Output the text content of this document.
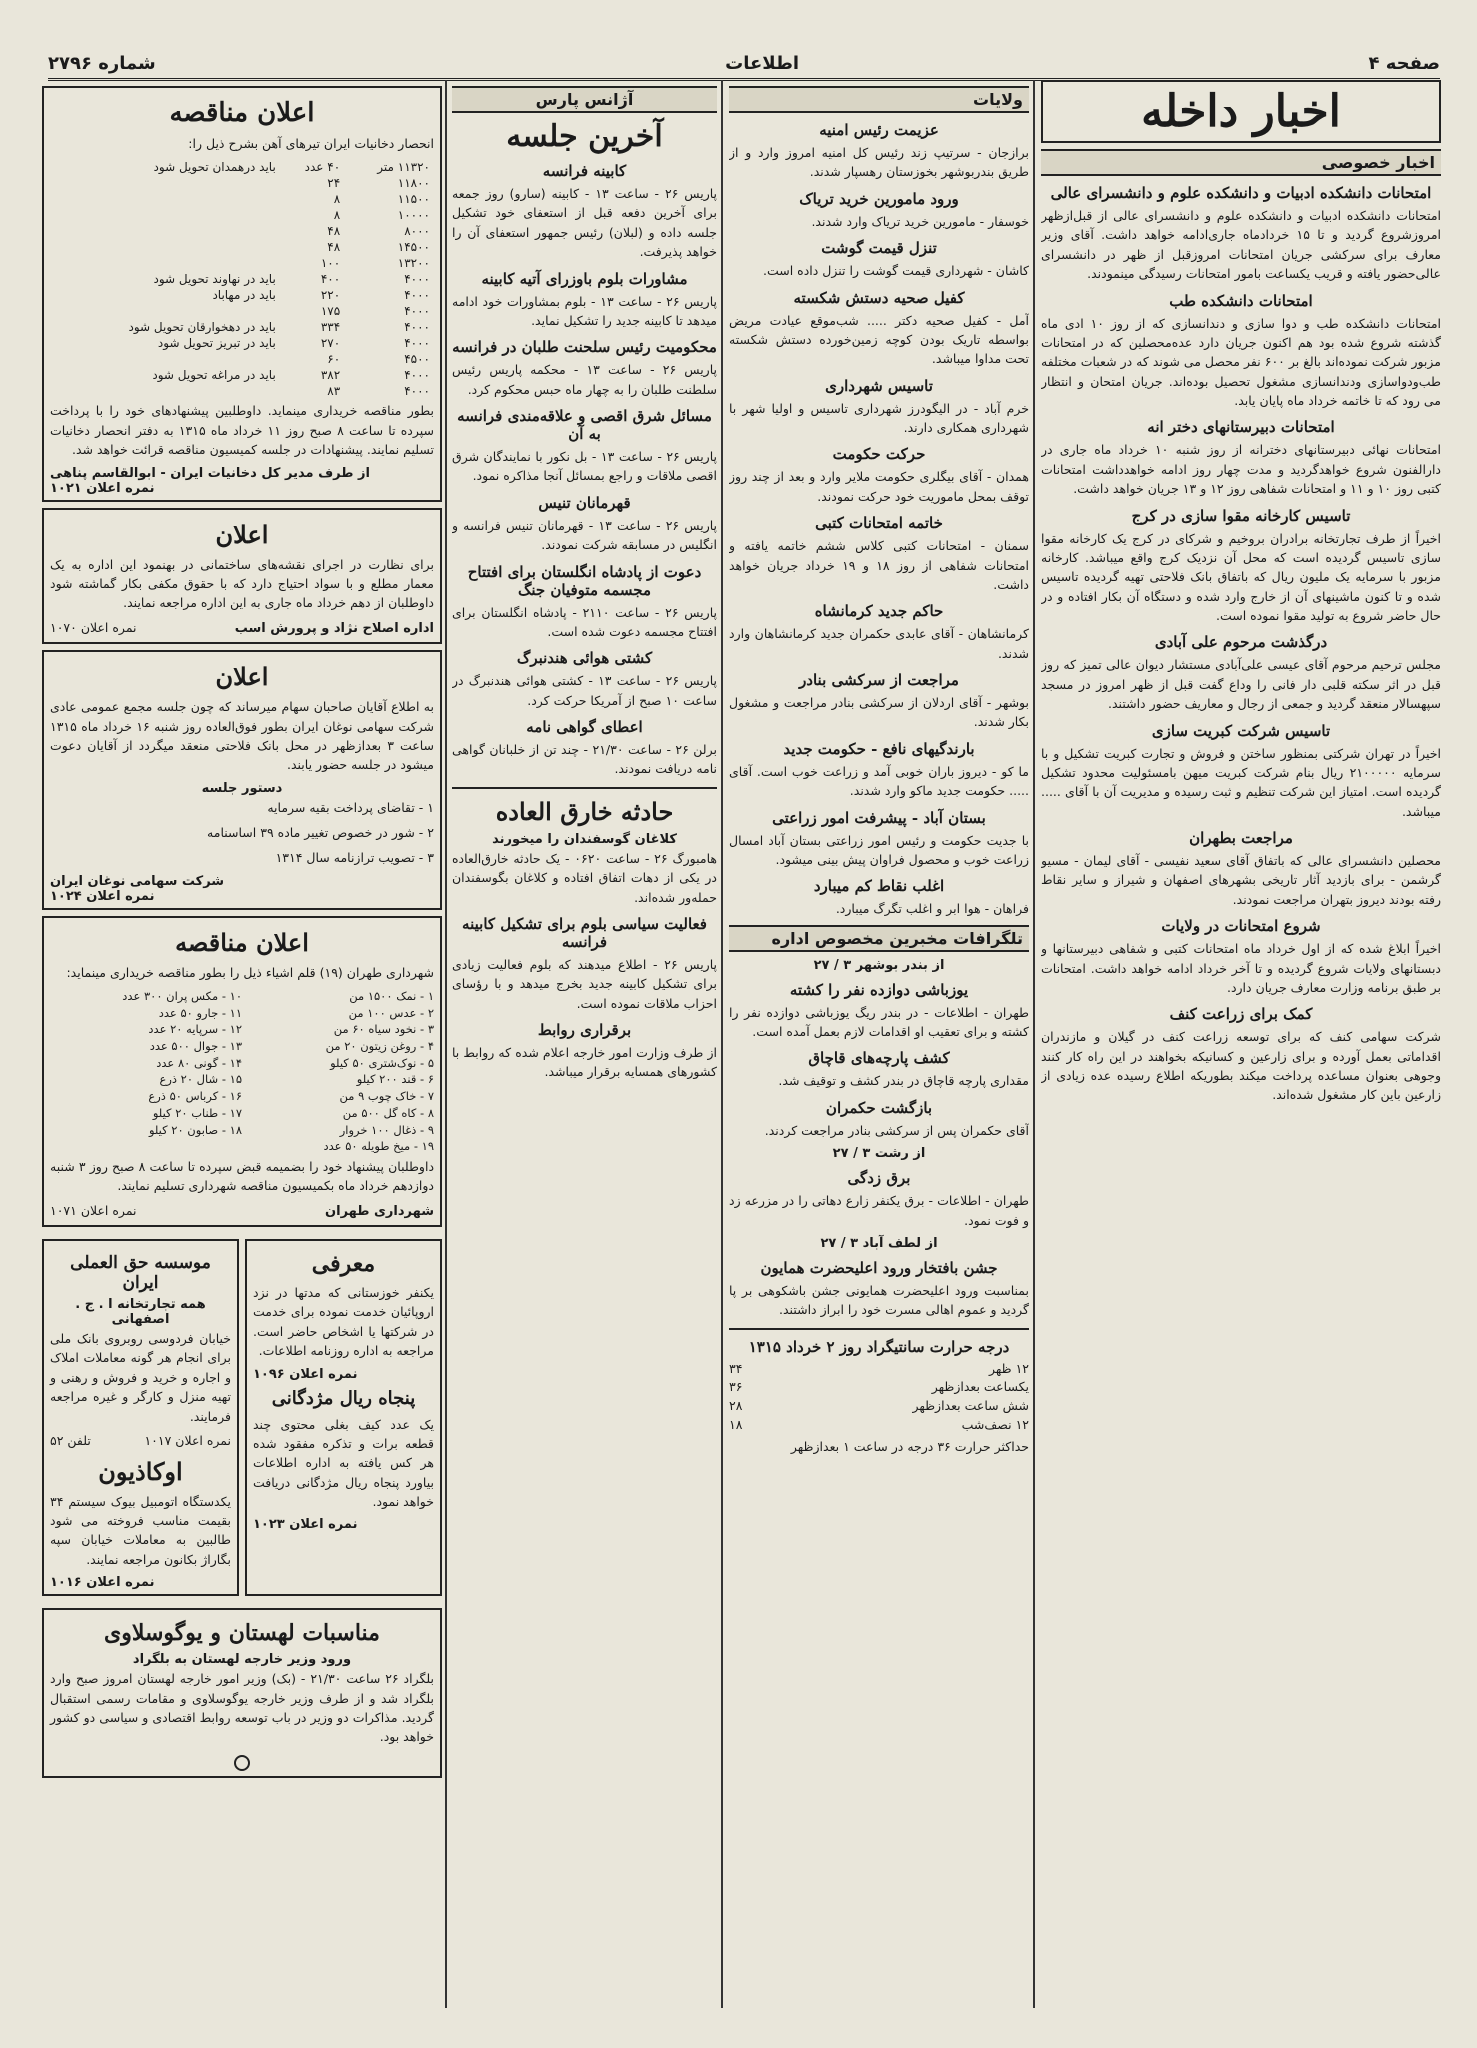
صفحه ۴
اطلاعات
شماره ۲۷۹۶
اخبار داخله
اخبار خصوصی
امتحانات دانشکده ادبیات و دانشکده علوم و دانشسرای عالی

امتحانات دانشکده ادبیات و دانشکده علوم و دانشسرای عالی از قبل‌ازظهر امروزشروع گردید و تا ۱۵ خردادماه جاری‌ادامه‌ خواهد داشت. آقای وزیر معارف برای سرکشی جریان امتحانات امروزقبل از ظهر در دانشسرای عالی‌حضور یافته و قریب یکساعت بامور امتحانات رسیدگی مینمودند.

امتحانات دانشکده طب

امتحانات دانشکده طب و دوا سازی و دندانسازی که از روز ۱۰ ادی ماه گذشته شروع شده بود هم اکنون جریان دارد عده‌محصلین که در امتحانات مزبور شرکت نموده‌اند بالغ بر ۶۰۰ نفر محصل می شوند که در شعبات مختلفه طب‌ودواسازی ودندانسازی مشغول تحصیل بوده‌اند. جریان امتحان و انتظار می رود که تا خاتمه‌ خرداد ماه پایان یابد.

امتحانات دبیرستانهای دختر انه

امتحانات نهائی دبیرستانهای دخترانه از روز شنبه ۱۰ خرداد ماه جاری در دارالفنون شروع خواهدگردید و مدت چهار روز ادامه خواهدداشت امتحانات کتبی روز ۱۰ و ۱۱ و امتحانات شفاهی روز ۱۲ و ۱۳ جریان خواهد داشت.

تاسیس کارخانه مقوا سازی در کرج

اخیراً از طرف تجارتخانه برادران بروخیم و شرکای در کرج یک کارخانه مقوا سازی تاسیس گردیده است که محل آن نزدیک کرج واقع میباشد. کارخانه مزبور با سرمایه یک ملیون ریال که باتفاق بانک فلاحتی تهیه گردیده تاسیس شده و تا کنون ماشینهای آن از خارج وارد شده و دستگاه آن بکار افتاده و در حال حاضر شروع به تولید مقوا نموده است.

درگذشت مرحوم علی آبادی

مجلس ترحیم مرحوم آقای عیسی علی‌آبادی مستشار دیوان عالی تمیز که روز قبل در اثر سکته قلبی دار فانی را وداع گفت قبل از ظهر امروز در مسجد سپهسالار منعقد گردید و جمعی از رجال و معاریف حضور داشتند.

تاسیس شرکت کبریت سازی

اخیراً در تهران شرکتی بمنظور ساختن و فروش و تجارت کبریت تشکیل و با سرمایه ۲۱۰۰۰۰۰ ریال بنام شرکت کبریت میهن بامسئولیت محدود تشکیل گردیده است. امتیاز این شرکت تنظیم و ثبت رسیده و مدیریت آن با آقای ..... میباشد.

مراجعت بطهران

محصلین دانشسرای عالی که باتفاق آقای سعید نفیسی - آقای لیمان - مسیو گرشمن - برای بازدید آثار تاریخی بشهرهای اصفهان و شیراز و سایر نقاط رفته بودند دیروز بتهران مراجعت نمودند.

شروع امتحانات در ولایات

اخیراً ابلاغ شده که از اول خرداد ماه امتحانات کتبی و شفاهی دبیرستانها و دبستانهای ولایات شروع گردیده و تا آخر خرداد ادامه خواهد داشت. امتحانات بر طبق برنامه وزارت معارف جریان دارد.

کمک برای زراعت کنف

شرکت سهامی کنف که برای توسعه زراعت کنف در گیلان و مازندران اقداماتی بعمل آورده و برای زارعین و کسانیکه بخواهند در این راه کار کنند وجوهی بعنوان مساعده پرداخت میکند بطوریکه اطلاع رسیده عده زیادی از زارعین باین کار مشغول شده‌اند.

ولایات
عزیمت رئیس امنیه

برازجان - سرتیپ زند رئیس کل امنیه امروز وارد و از طریق بندربوشهر بخوزستان رهسپار شدند.

ورود مامورین خرید تریاک

خوسفار - مامورین خرید تریاک وارد شدند.

تنزل قیمت گوشت

کاشان - شهرداری قیمت گوشت را تنزل داده است.

کفیل صحیه دستش شکسته

آمل - کفیل صحیه دکتر ..... شب‌موقع عیادت مریض بواسطه تاریک بودن کوچه زمین‌خورده دستش شکسته تحت مداوا میباشد.

تاسیس شهرداری

خرم آباد - در الیگودرز شهرداری تاسیس و اولیا شهر با شهرداری همکاری دارند.

حرکت حکومت

همدان - آقای بیگلری حکومت ملایر وارد و بعد از چند روز توقف بمحل ماموریت خود حرکت نمودند.

خاتمه امتحانات کتبی

سمنان - امتحانات کتبی کلاس ششم خاتمه یافته و امتحانات شفاهی از روز ۱۸ و ۱۹ خرداد جریان خواهد داشت.

حاکم جدید کرمانشاه

کرمانشاهان - آقای عابدی حکمران جدید کرمانشاهان وارد شدند.

مراجعت از سرکشی بنادر

بوشهر - آقای اردلان از سرکشی بنادر مراجعت و مشغول بکار شدند.

بارندگیهای نافع - حکومت جدید

ما کو - دیروز باران خوبی آمد و زراعت خوب است. آقای ..... حکومت جدید ماکو وارد شدند.

بستان آباد - پیشرفت امور زراعتی

با جدیت حکومت و رئیس امور زراعتی بستان آباد امسال زراعت خوب و محصول فراوان پیش بینی میشود.

اغلب نقاط کم میبارد

فراهان - هوا ابر و اغلب تگرگ میبارد.

تلگرافات مخبرین مخصوص اداره
از بندر بوشهر ۳ / ۲۷
یوزباشی دوازده نفر را کشته

طهران - اطلاعات - در بندر ریگ یوزباشی دوازده نفر را کشته و برای تعقیب او اقدامات لازم بعمل آمده است.

کشف پارچه‌های قاچاق

مقداری پارچه قاچاق در بندر کشف و توقیف شد.

بازگشت حکمران

آقای حکمران پس از سرکشی بنادر مراجعت کردند.

از رشت ۳ / ۲۷
برق زدگی

طهران - اطلاعات - برق یکنفر زارع دهاتی را در مزرعه زد و فوت نمود.

از لطف آباد ۳ / ۲۷
جشن بافتخار ورود اعلیحضرت همایون

بمناسبت ورود اعلیحضرت همایونی جشن باشکوهی بر پا گردید و عموم اهالی مسرت خود را ابراز داشتند.

درجه حرارت سانتیگراد روز ۲ خرداد ۱۳۱۵
۱۲ ظهر
۳۴
یکساعت بعدازظهر
۳۶
شش ساعت بعدازظهر
۲۸
۱۲ نصف‌شب
۱۸

حداکثر حرارت ۳۶ درجه در ساعت ۱ بعدازظهر

آژانس پارس
آخرین جلسه
کابینه فرانسه

پاریس ۲۶ - ساعت ۱۳ - کابینه (سارو) روز جمعه برای آخرین دفعه قبل از استعفای خود تشکیل جلسه داده و (لبلان) رئیس جمهور استعفای آن را خواهد پذیرفت.

مشاورات بلوم باوزرای آتیه کابینه

پاریس ۲۶ - ساعت ۱۳ - بلوم بمشاورات خود ادامه میدهد تا کابینه جدید را تشکیل نماید.

محکومیت رئیس سلحنت طلبان در فرانسه

پاریس ۲۶ - ساعت ۱۳ - محکمه پاریس رئیس سلطنت طلبان را به چهار ماه حبس محکوم کرد.

مسائل شرق اقصی و علاقه‌مندی فرانسه به آن

پاریس ۲۶ - ساعت ۱۳ - بل نکور با نمایندگان شرق اقصی ملاقات و راجع بمسائل آنجا مذاکره نمود.

قهرمانان تنیس

پاریس ۲۶ - ساعت ۱۳ - قهرمانان تنیس فرانسه و انگلیس در مسابقه شرکت نمودند.

دعوت از پادشاه انگلستان برای افتتاح مجسمه متوفیان جنگ

پاریس ۲۶ - ساعت ۲۱۱۰ - پادشاه انگلستان برای افتتاح مجسمه دعوت شده است.

کشتی هوائی هندنبرگ

پاریس ۲۶ - ساعت ۱۳ - کشتی هوائی هندنبرگ در ساعت ۱۰ صبح از آمریکا حرکت کرد.

اعطای گواهی نامه

برلن ۲۶ - ساعت ۲۱/۳۰ - چند تن از خلبانان گواهی نامه دریافت نمودند.

حادثه خارق العاده
کلاغان گوسفندان را میخورند

هامبورگ ۲۶ - ساعت ۰۶۲۰ - یک حادثه خارق‌العاده در یکی از دهات اتفاق افتاده و کلاغان بگوسفندان حمله‌ور شده‌اند.

فعالیت سیاسی بلوم برای تشکیل کابینه فرانسه

پاریس ۲۶ - اطلاع میدهند که بلوم فعالیت زیادی برای تشکیل کابینه جدید بخرج میدهد و با رؤسای احزاب ملاقات نموده است.

برقراری روابط

از طرف وزارت امور خارجه اعلام شده که روابط با کشورهای همسایه برقرار میباشد.

اعلان مناقصه

انحصار دخانیات ایران تیرهای آهن بشرح ذیل را:

۱۱۳۲۰ متر	۴۰ عدد	باید درهمدان تحویل شود
۱۱۸۰۰	۲۴	
۱۱۵۰۰	۸	
۱۰۰۰۰	۸	
۸۰۰۰	۴۸	
۱۴۵۰۰	۴۸	
۱۳۲۰۰	۱۰۰	
۴۰۰۰	۴۰۰	باید در نهاوند تحویل شود
۴۰۰۰	۲۲۰	باید در مهاباد
۴۰۰۰	۱۷۵	
۴۰۰۰	۳۳۴	باید در دهخوارقان تحویل شود
۴۰۰۰	۲۷۰	باید در تبریز تحویل شود
۴۵۰۰	۶۰	
۴۰۰۰	۳۸۲	باید در مراغه تحویل شود
۴۰۰۰	۸۳	

بطور مناقصه خریداری مینماید. داوطلبین پیشنهادهای خود را با پرداخت سپرده تا ساعت ۸ صبح روز ۱۱ خرداد ماه ۱۳۱۵ به دفتر انحصار دخانیات تسلیم نمایند. پیشنهادات در جلسه کمیسیون مناقصه قرائت خواهد شد.

از طرف مدیر کل دخانیات ایران - ابوالقاسم پناهی
نمره اعلان ۱۰۲۱
اعلان

برای نظارت در اجرای نقشه‌های ساختمانی در بهنمود این اداره به یک معمار مطلع و با سواد احتیاج دارد که با حقوق مکفی بکار گماشته شود داوطلبان از دهم خرداد ماه جاری به این اداره مراجعه نمایند.

اداره اصلاح نژاد و پرورش اسب
نمره اعلان ۱۰۷۰
اعلان

به اطلاع آقایان صاحبان سهام میرساند که چون جلسه مجمع عمومی عادی شرکت سهامی نوغان ایران بطور فوق‌العاده روز شنبه ۱۶ خرداد ماه ۱۳۱۵ ساعت ۳ بعدازظهر در محل بانک فلاحتی منعقد میگردد از آقایان دعوت میشود در جلسه حضور یابند.

دستور جلسه

۱ - تقاضای پرداخت بقیه سرمایه

۲ - شور در خصوص تغییر ماده ۳۹ اساسنامه

۳ - تصویب ترازنامه سال ۱۳۱۴

شرکت سهامی نوغان ایران
نمره اعلان ۱۰۲۴
اعلان مناقصه

شهرداری طهران (۱۹) قلم اشیاء ذیل را بطور مناقصه خریداری مینماید:

۱ - نمک ۱۵۰۰ من
۱۰ - مکس پران ۳۰۰ عدد
۲ - عدس ۱۰۰ من
۱۱ - جارو ۵۰ عدد
۳ - نخود سیاه ۶۰ من
۱۲ - سرپایه ۲۰ عدد
۴ - روغن زیتون ۲۰ من
۱۳ - جوال ۵۰۰ عدد
۵ - نوک‌شتری ۵۰ کیلو
۱۴ - گونی ۸۰ عدد
۶ - قند ۲۰۰ کیلو
۱۵ - شال ۲۰ ذرع
۷ - خاک چوب ۹ من
۱۶ - کرباس ۵۰ ذرع
۸ - کاه گل ۵۰۰ من
۱۷ - طناب ۲۰ کیلو
۹ - ذغال ۱۰۰ خروار
۱۸ - صابون ۲۰ کیلو
۱۹ - میخ طویله ۵۰ عدد

داوطلبان پیشنهاد خود را بضمیمه قبض سپرده تا ساعت ۸ صبح روز ۳ شنبه دوازدهم خرداد ماه بکمیسیون مناقصه شهرداری تسلیم نمایند.

شهرداری طهران
نمره اعلان ۱۰۷۱
معرفی

یکنفر خوزستانی که مدتها در نزد اروپائیان خدمت نموده برای خدمت در شرکتها یا اشخاص حاضر است. مراجعه به اداره روزنامه اطلاعات.

نمره اعلان ۱۰۹۶
پنجاه ریال مژدگانی

یک عدد کیف بغلی محتوی چند قطعه برات و تذکره مفقود شده هر کس یافته به اداره اطلاعات بیاورد پنجاه ریال مژدگانی دریافت خواهد نمود.

نمره اعلان ۱۰۲۳
موسسه حق العملی ایران
همه تجارتخانه ا . ج . اصفهانی

خیابان فردوسی روبروی بانک ملی برای انجام هر گونه معاملات املاک و اجاره و خرید و فروش و رهنی و تهیه منزل و کارگر و غیره مراجعه فرمایند.

نمره اعلان ۱۰۱۷
تلفن ۵۲
اوکاذیون

یکدستگاه اتومبیل بیوک سیستم ۳۴ بقیمت مناسب فروخته می شود طالبین به معاملات خیابان سپه بگاراژ بکانون مراجعه نمایند.

نمره اعلان ۱۰۱۶
مناسبات لهستان و یوگوسلاوی
ورود وزیر خارجه لهستان به بلگراد

بلگراد ۲۶ ساعت ۲۱/۳۰ - (بک) وزیر امور خارجه لهستان امروز صبح وارد بلگراد شد و از طرف وزیر خارجه یوگوسلاوی و مقامات رسمی استقبال گردید. مذاکرات دو وزیر در باب توسعه روابط اقتصادی و سیاسی دو کشور خواهد بود.
